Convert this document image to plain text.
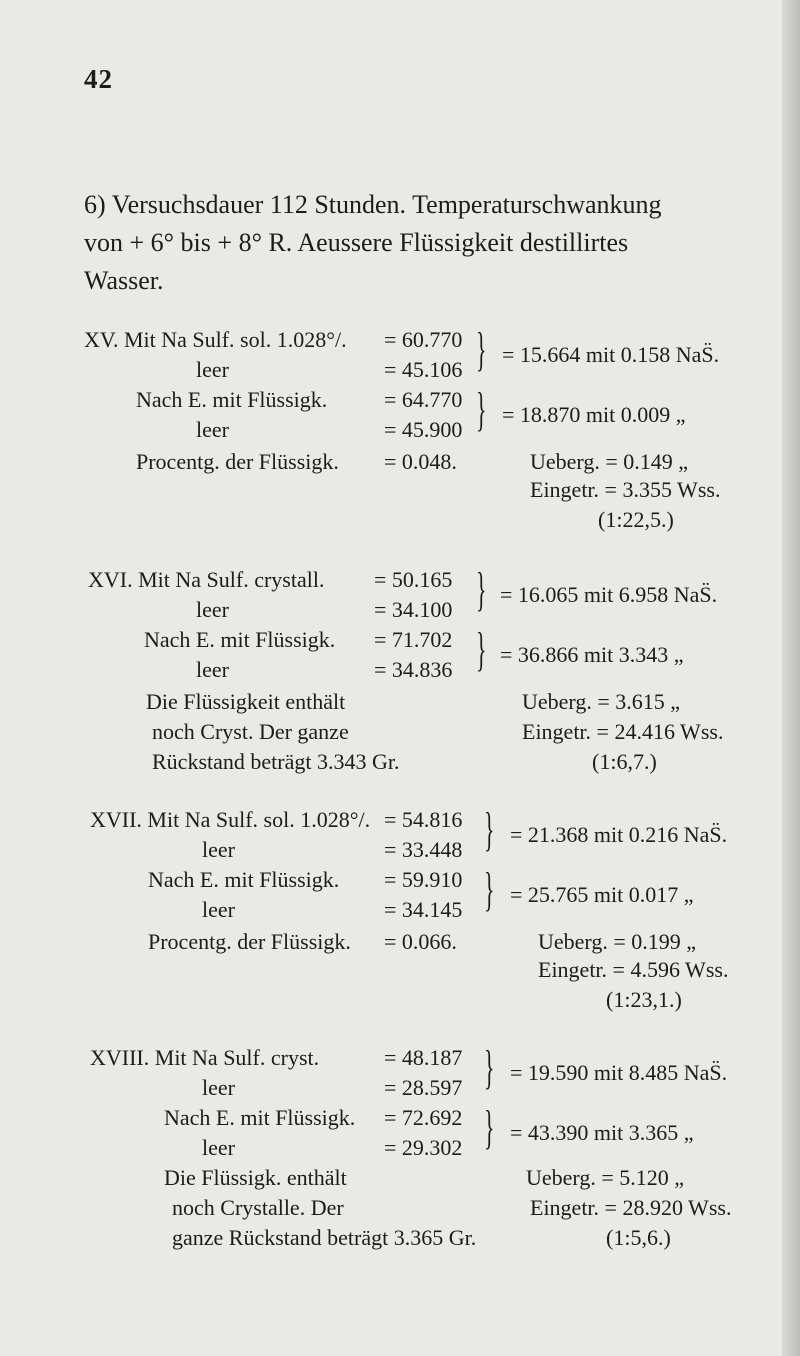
42
6) Versuchsdauer 112 Stunden. Temperaturschwankung
von + 6° bis + 8° R. Aeussere Flüssigkeit destillirtes
Wasser.
XV. Mit Na Sulf. sol. 1.028°/. = 60.770
leer	= 45.106 } = 15.664 mit 0.158 NaS̈.
Nach E. mit Flüssigk.	= 64.770
leer	= 45.900 } = 18.870 mit 0.009 „
Procentg. der Flüssigk. = 0.048.	Ueberg. = 0.149 „
Eingetr. = 3.355 Wss.
(1:22,5.)
XVI. Mit Na Sulf. crystall. = 50.165
leer	= 34.100 } = 16.065 mit 6.958 NaS̈.
Nach E. mit Flüssigk. = 71.702
leer	= 34.836 } = 36.866 mit 3.343 „
Die Flüssigkeit enthält
noch Cryst. Der ganze
Rückstand beträgt 3.343 Gr.
Ueberg. = 3.615 „
Eingetr. = 24.416 Wss.
(1:6,7.)
XVII. Mit Na Sulf. sol. 1.028°/. = 54.816
leer	= 33.448 } = 21.368 mit 0.216 NaS̈.
Nach E. mit Flüssigk. = 59.910
leer	= 34.145 } = 25.765 mit 0.017 „
Procentg. der Flüssigk. = 0.066.	Ueberg. = 0.199 „
Eingetr. = 4.596 Wss.
(1:23,1.)
XVIII. Mit Na Sulf. cryst.	= 48.187
leer	= 28.597 } = 19.590 mit 8.485 NaS̈.
Nach E. mit Flüssigk. = 72.692
leer	= 29.302 } = 43.390 mit 3.365 „
Die Flüssigk. enthält
noch Crystalle. Der
ganze Rückstand beträgt 3.365 Gr.
Ueberg. = 5.120 „
Eingetr. = 28.920 Wss.
(1:5,6.)
